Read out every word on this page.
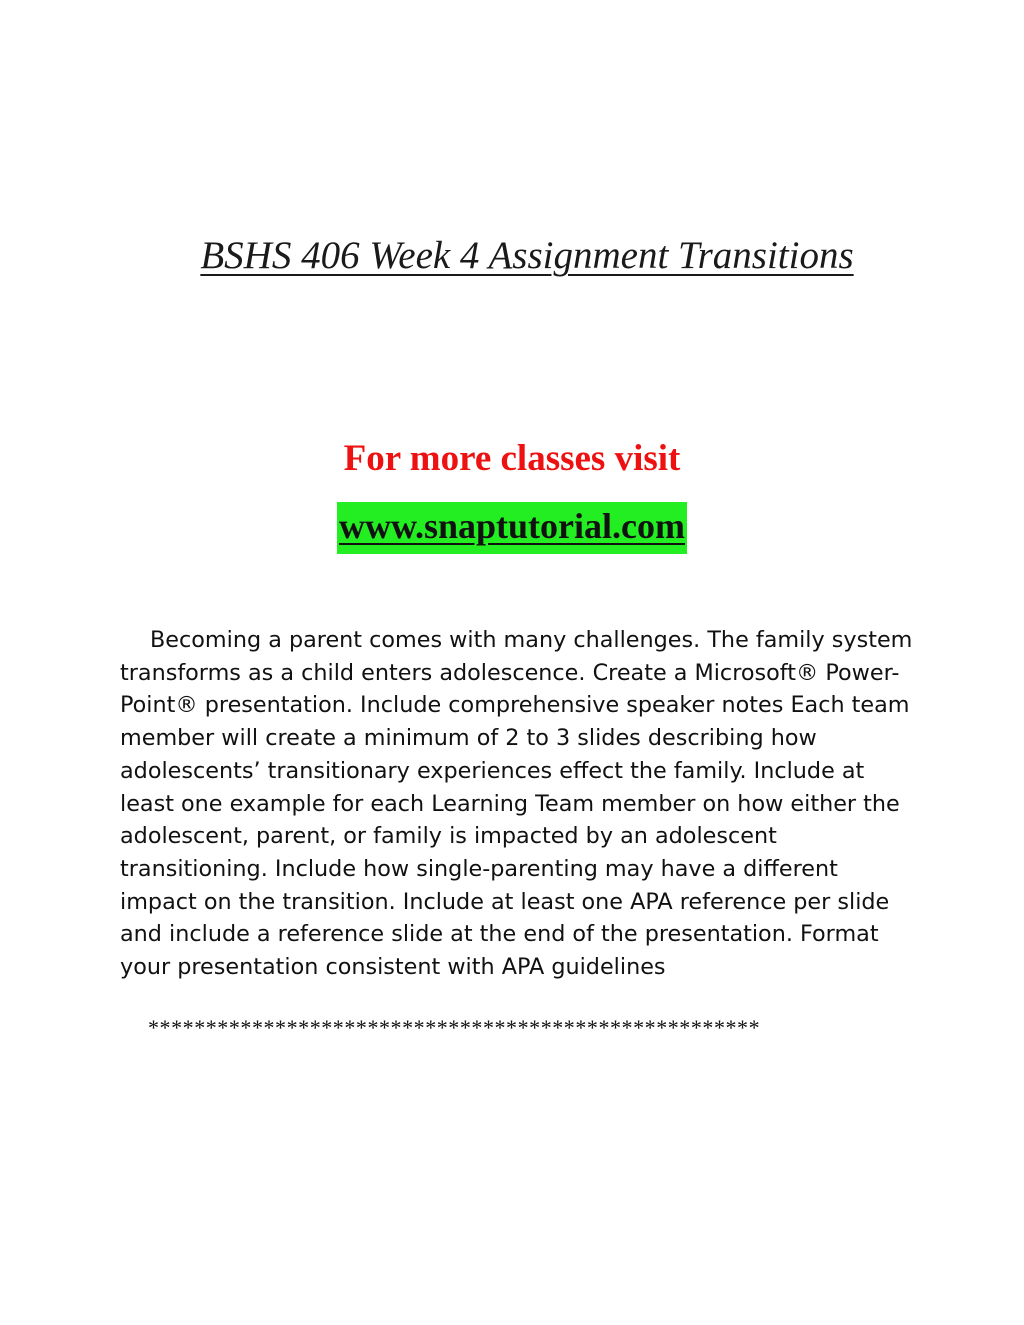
BSHS 406 Week 4 Assignment Transitions

For more classes visit

www.snaptutorial.com

Becoming a parent comes with many challenges. The family system transforms as a child enters adolescence. Create a Microsoft® Power-Point® presentation. Include comprehensive speaker notes Each team member will create a minimum of 2 to 3 slides describing how adolescents’ transitionary experiences effect the family. Include at least one example for each Learning Team member on how either the adolescent, parent, or family is impacted by an adolescent transitioning. Include how single-parenting may have a different impact on the transition. Include at least one APA reference per slide and include a reference slide at the end of the presentation. Format your presentation consistent with APA guidelines

*****************************************************
